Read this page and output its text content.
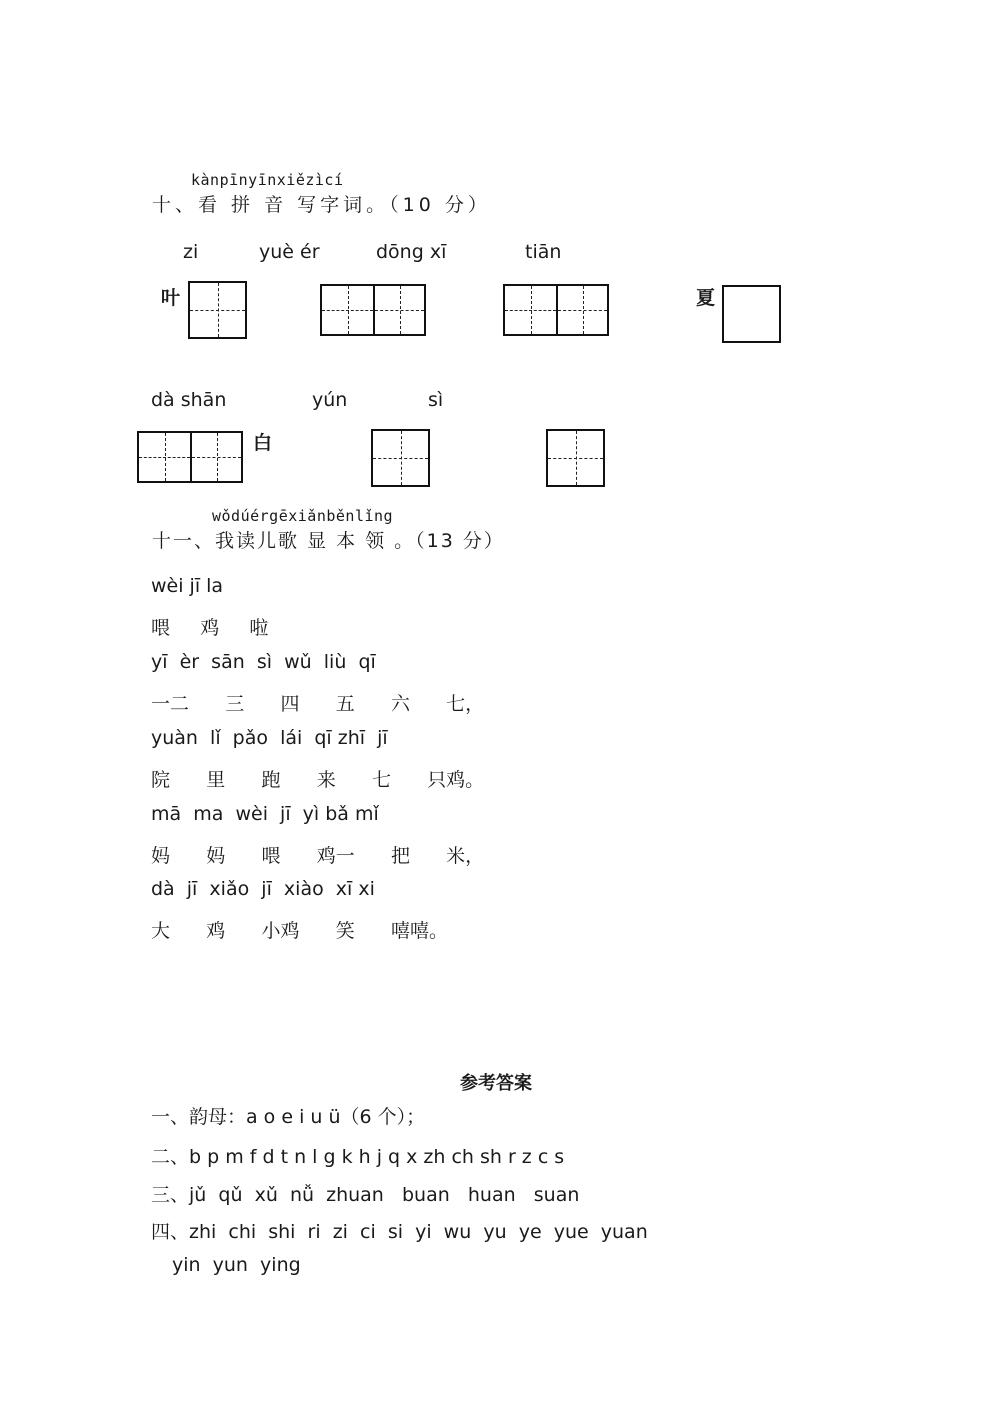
kànpīnyīnxiězìcí
十、看 拼 音 写字词。（10 分）
zi	yuè ér	dōng xī	tiān
叶	夏
dà shān	yún	sì
白
wǒdúérgēxiǎnběnlǐng
十一、我读儿歌 显 本 领 。（13 分）
wèi jī la
喂     鸡     啦
yī  èr  sān  sì  wǔ  liù  qī
一二      三      四      五      六      七，
yuàn  lǐ  pǎo  lái  qī zhī  jī
院      里      跑      来      七      只鸡。
mā  ma  wèi  jī  yì bǎ mǐ
妈      妈      喂      鸡一      把      米，
dà  jī  xiǎo  jī  xiào  xī xi
大      鸡      小鸡      笑      嘻嘻。
参考答案
一、韵母：a o e i u ü（6 个）；
二、b p m f d t n l g k h j q x zh ch sh r z c s
三、jǔ  qǔ  xǔ  nǚ  zhuan   buan   huan   suan
四、zhi  chi  shi  ri  zi  ci  si  yi  wu  yu  ye  yue  yuan
yin  yun  ying
